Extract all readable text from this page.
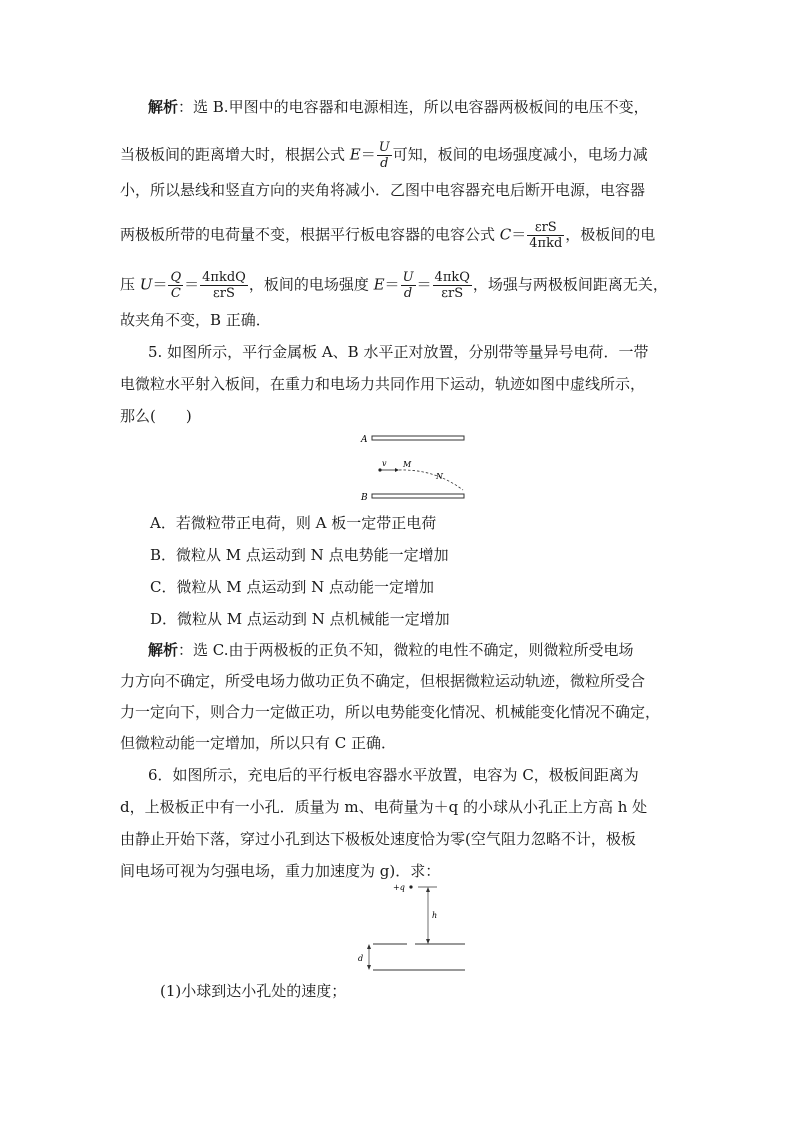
解析：选 B.甲图中的电容器和电源相连，所以电容器两极板间的电压不变，
当极板间的距离增大时，根据公式 $E= \frac{U}{d}$ 可知，板间的电场强度减小，电场力减
小，所以悬线和竖直方向的夹角将减小．乙图中电容器充电后断开电源，电容器
两极板所带的电荷量不变，根据平行板电容器的电容公式 $C= \frac{\text{εrS}}{\text{4πkd}}$ ，极板间的电
压 $U= \frac{Q}{C} = \frac{\text{4πkdQ}}{\text{εrS}}$ ，板间的电场强度 $E= \frac{U}{d} = \frac{\text{4πkQ}}{\text{εrS}}$ ，场强与两极板间距离无关，
故夹角不变，B 正确．
5. 如图所示，平行金属板 A、B 水平正对放置，分别带等量异号电荷．一带
电微粒水平射入板间，在重力和电场力共同作用下运动，轨迹如图中虚线所示，
那么(　　)
A
v M
N
B
A．若微粒带正电荷，则 A 板一定带正电荷
B．微粒从 M 点运动到 N 点电势能一定增加
C．微粒从 M 点运动到 N 点动能一定增加
D．微粒从 M 点运动到 N 点机械能一定增加
解析：选 C.由于两极板的正负不知，微粒的电性不确定，则微粒所受电场
力方向不确定，所受电场力做功正负不确定，但根据微粒运动轨迹，微粒所受合
力一定向下，则合力一定做正功，所以电势能变化情况、机械能变化情况不确定，
但微粒动能一定增加，所以只有 C 正确．
6．如图所示，充电后的平行板电容器水平放置，电容为 C，极板间距离为
d，上极板正中有一小孔．质量为 m、电荷量为＋q 的小球从小孔正上方高 h 处
由静止开始下落，穿过小孔到达下极板处速度恰为零(空气阻力忽略不计，极板
间电场可视为匀强电场，重力加速度为 g)．求：
+q
h
d
(1)小球到达小孔处的速度；
